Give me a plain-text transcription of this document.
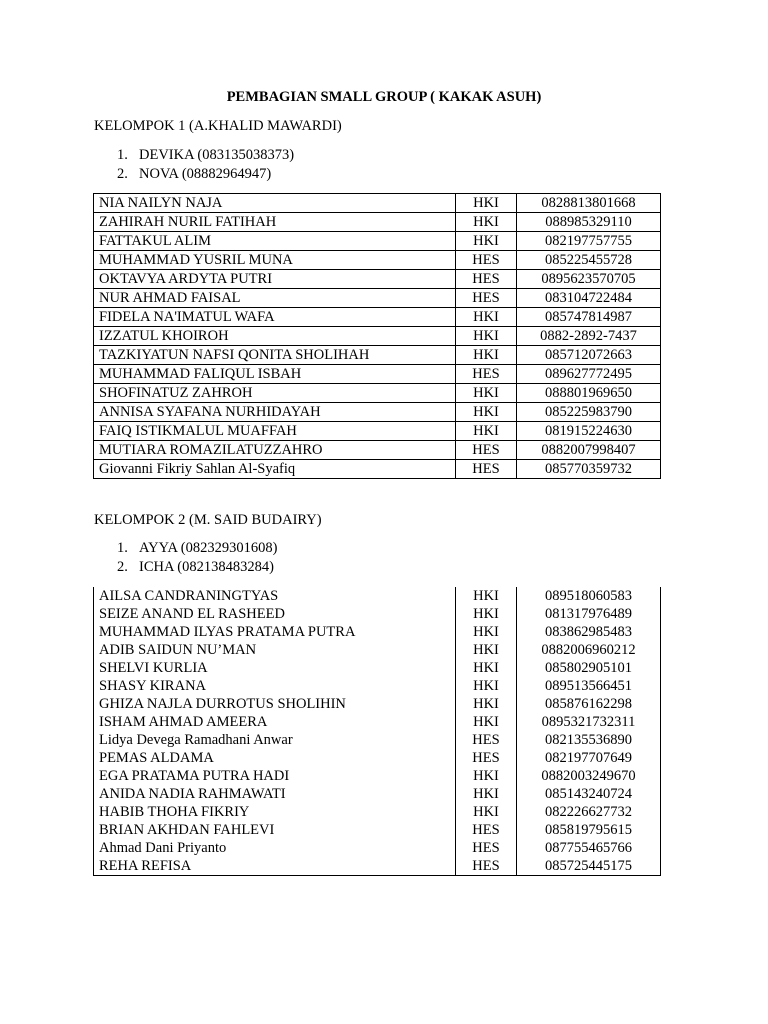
PEMBAGIAN SMALL GROUP ( KAKAK ASUH)
KELOMPOK 1 (A.KHALID MAWARDI)
1. DEVIKA (083135038373)
2. NOVA (08882964947)
NIA NAILYN NAJA	HKI	0828813801668
ZAHIRAH NURIL FATIHAH	HKI	088985329110
FATTAKUL ALIM	HKI	082197757755
MUHAMMAD YUSRIL MUNA	HES	085225455728
OKTAVYA ARDYTA PUTRI	HES	0895623570705
NUR AHMAD FAISAL	HES	083104722484
FIDELA NA'IMATUL WAFA	HKI	085747814987
IZZATUL KHOIROH	HKI	0882-2892-7437
TAZKIYATUN NAFSI QONITA SHOLIHAH	HKI	085712072663
MUHAMMAD FALIQUL ISBAH	HES	089627772495
SHOFINATUZ ZAHROH	HKI	088801969650
ANNISA SYAFANA NURHIDAYAH	HKI	085225983790
FAIQ ISTIKMALUL MUAFFAH	HKI	081915224630
MUTIARA ROMAZILATUZZAHRO	HES	0882007998407
Giovanni Fikriy Sahlan Al-Syafiq	HES	085770359732
KELOMPOK 2 (M. SAID BUDAIRY)
1. AYYA (082329301608)
2. ICHA (082138483284)
AILSA CANDRANINGTYAS	HKI	089518060583
SEIZE ANAND EL RASHEED	HKI	081317976489
MUHAMMAD ILYAS PRATAMA PUTRA	HKI	083862985483
ADIB SAIDUN NU’MAN	HKI	0882006960212
SHELVI KURLIA	HKI	085802905101
SHASY KIRANA	HKI	089513566451
GHIZA NAJLA DURROTUS SHOLIHIN	HKI	085876162298
ISHAM AHMAD AMEERA	HKI	0895321732311
Lidya Devega Ramadhani Anwar	HES	082135536890
PEMAS ALDAMA	HES	082197707649
EGA PRATAMA PUTRA HADI	HKI	0882003249670
ANIDA NADIA RAHMAWATI	HKI	085143240724
HABIB THOHA FIKRIY	HKI	082226627732
BRIAN AKHDAN FAHLEVI	HES	085819795615
Ahmad Dani Priyanto	HES	087755465766
REHA REFISA	HES	085725445175
